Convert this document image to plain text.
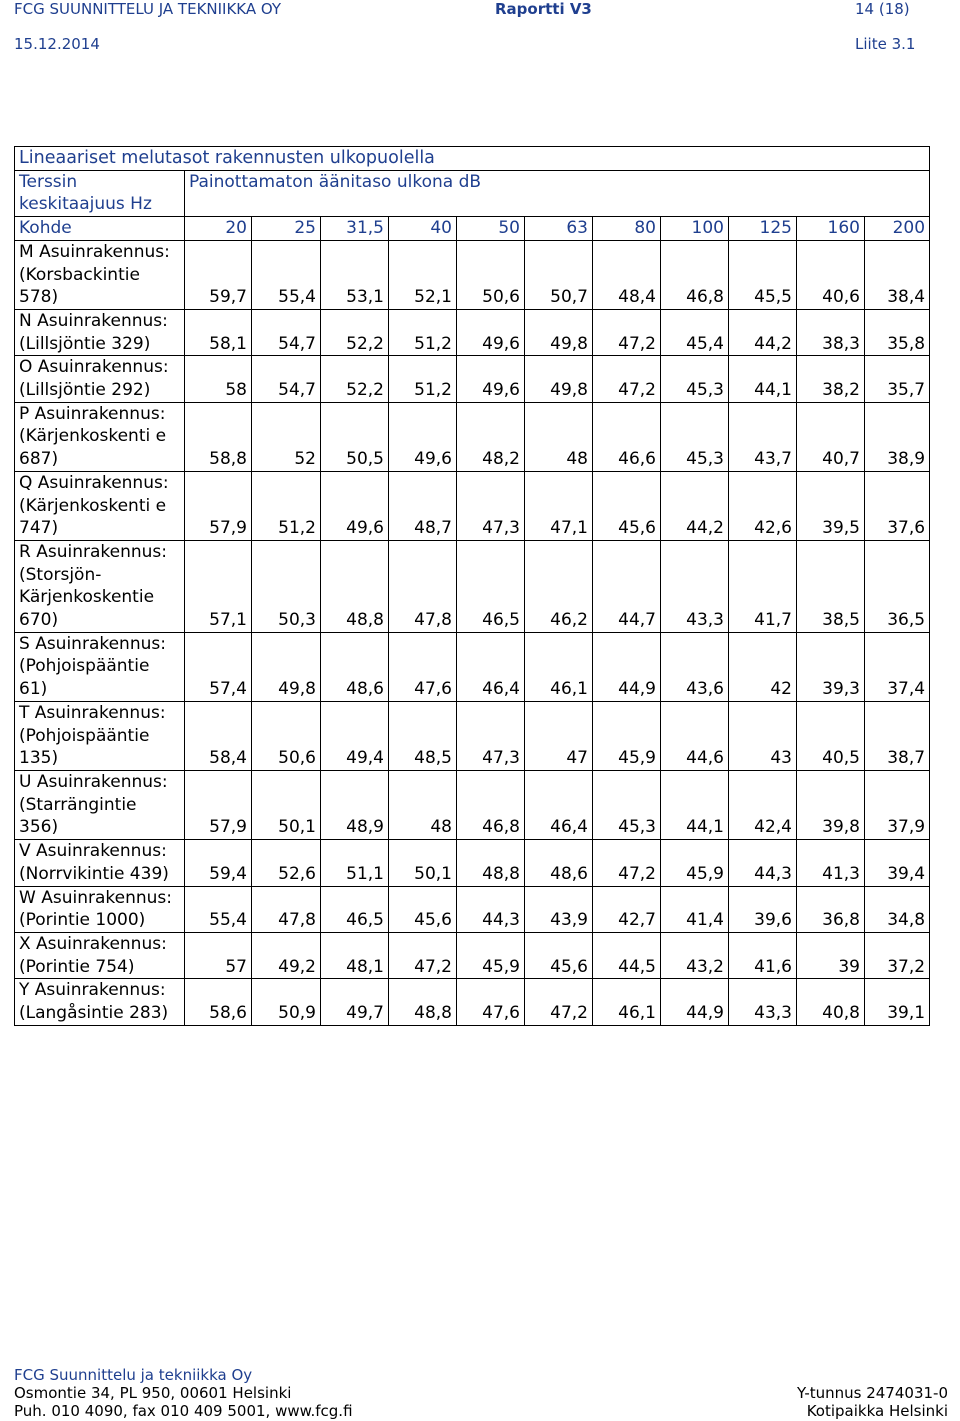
FCG SUUNNITTELU JA TEKNIIKKA OY	Raportti V3	14 (18)
15.12.2014	Liite 3.1
Lineaariset melutasot rakennusten ulkopuolella											
Terssin keskitaajuus Hz	Painottamaton äänitaso ulkona dB										
Kohde	20	25	31,5	40	50	63	80	100	125	160	200
M Asuinrakennus: (Korsbackintie 578)	59,7	55,4	53,1	52,1	50,6	50,7	48,4	46,8	45,5	40,6	38,4
N Asuinrakennus: (Lillsjöntie 329)	58,1	54,7	52,2	51,2	49,6	49,8	47,2	45,4	44,2	38,3	35,8
O Asuinrakennus: (Lillsjöntie 292)	58	54,7	52,2	51,2	49,6	49,8	47,2	45,3	44,1	38,2	35,7
P Asuinrakennus: (Kärjenkoskenti e 687)	58,8	52	50,5	49,6	48,2	48	46,6	45,3	43,7	40,7	38,9
Q Asuinrakennus: (Kärjenkoskenti e 747)	57,9	51,2	49,6	48,7	47,3	47,1	45,6	44,2	42,6	39,5	37,6
R Asuinrakennus: (Storsjön- Kärjenkoskentie 670)	57,1	50,3	48,8	47,8	46,5	46,2	44,7	43,3	41,7	38,5	36,5
S Asuinrakennus: (Pohjoispääntie 61)	57,4	49,8	48,6	47,6	46,4	46,1	44,9	43,6	42	39,3	37,4
T Asuinrakennus: (Pohjoispääntie 135)	58,4	50,6	49,4	48,5	47,3	47	45,9	44,6	43	40,5	38,7
U Asuinrakennus: (Starrängintie 356)	57,9	50,1	48,9	48	46,8	46,4	45,3	44,1	42,4	39,8	37,9
V Asuinrakennus: (Norrvikintie 439)	59,4	52,6	51,1	50,1	48,8	48,6	47,2	45,9	44,3	41,3	39,4
W Asuinrakennus: (Porintie 1000)	55,4	47,8	46,5	45,6	44,3	43,9	42,7	41,4	39,6	36,8	34,8
X Asuinrakennus: (Porintie 754)	57	49,2	48,1	47,2	45,9	45,6	44,5	43,2	41,6	39	37,2
Y Asuinrakennus: (Langåsintie 283)	58,6	50,9	49,7	48,8	47,6	47,2	46,1	44,9	43,3	40,8	39,1
FCG Suunnittelu ja tekniikka Oy
Osmontie 34, PL 950, 00601 Helsinki	Y-tunnus 2474031-0
Puh. 010 4090, fax 010 409 5001, www.fcg.fi	Kotipaikka Helsinki
